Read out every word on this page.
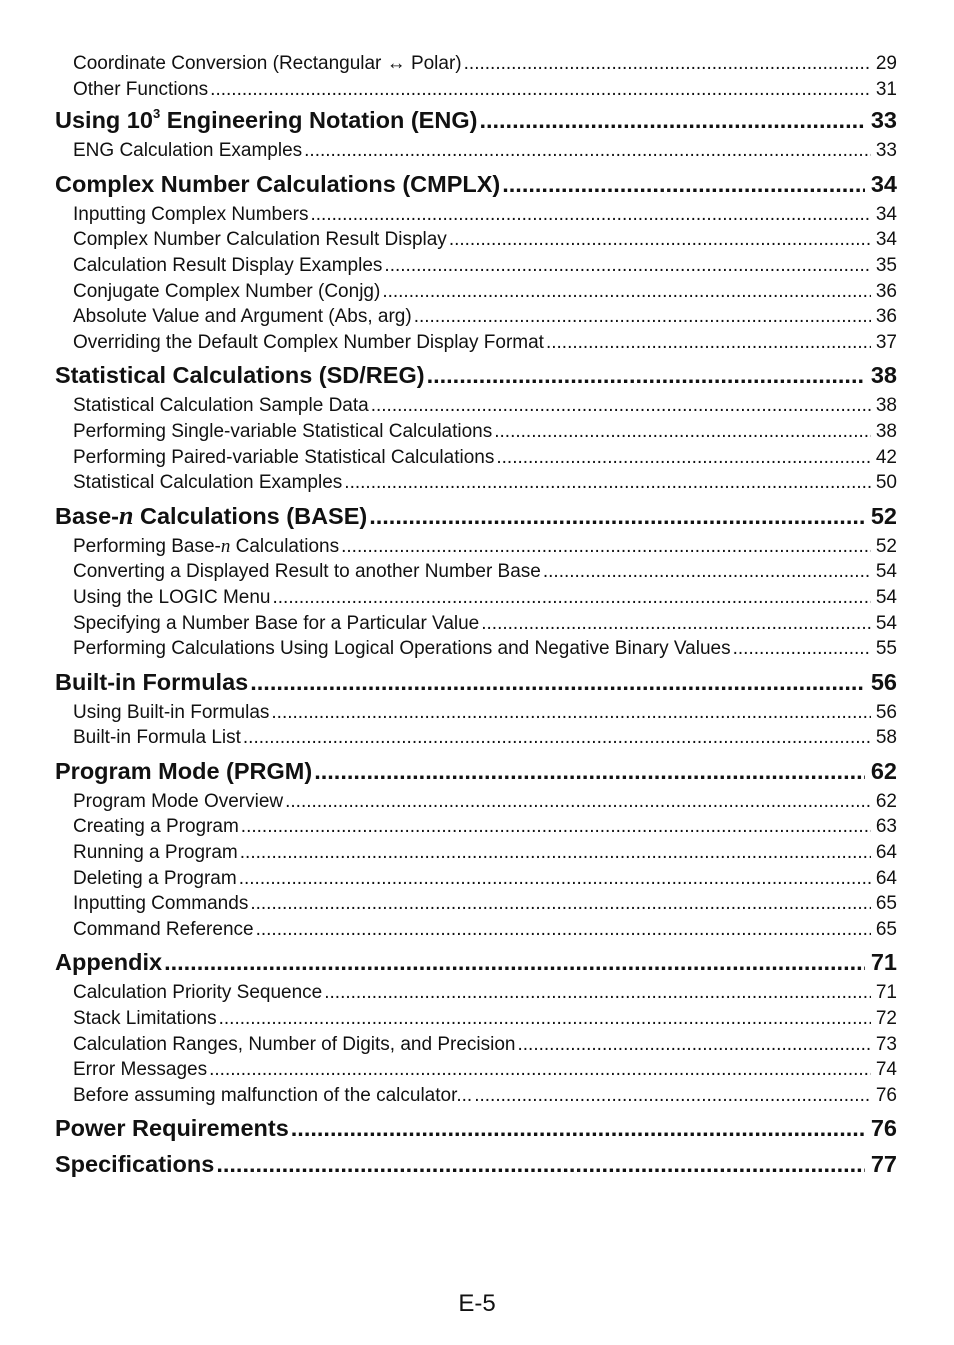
Coordinate Conversion (Rectangular ↔ Polar) .....	29
Other Functions .....	31
Using $10^3$ Engineering Notation (ENG) .....	33
ENG Calculation Examples .....	33
Complex Number Calculations (CMPLX) .....	34
Inputting Complex Numbers .....	34
Complex Number Calculation Result Display .....	34
Calculation Result Display Examples .....	35
Conjugate Complex Number (Conjg) .....	36
Absolute Value and Argument (Abs, arg) .....	36
Overriding the Default Complex Number Display Format .....	37
Statistical Calculations (SD/REG) .....	38
Statistical Calculation Sample Data .....	38
Performing Single-variable Statistical Calculations .....	38
Performing Paired-variable Statistical Calculations .....	42
Statistical Calculation Examples .....	50
Base-n Calculations (BASE) .....	52
Performing Base-n Calculations .....	52
Converting a Displayed Result to another Number Base .....	54
Using the LOGIC Menu .....	54
Specifying a Number Base for a Particular Value .....	54
Performing Calculations Using Logical Operations and Negative Binary Values .....	55
Built-in Formulas .....	56
Using Built-in Formulas .....	56
Built-in Formula List .....	58
Program Mode (PRGM) .....	62
Program Mode Overview .....	62
Creating a Program .....	63
Running a Program .....	64
Deleting a Program .....	64
Inputting Commands .....	65
Command Reference .....	65
Appendix .....	71
Calculation Priority Sequence .....	71
Stack Limitations .....	72
Calculation Ranges, Number of Digits, and Precision .....	73
Error Messages .....	74
Before assuming malfunction of the calculator... .....	76
Power Requirements .....	76
Specifications .....	77
E-5
